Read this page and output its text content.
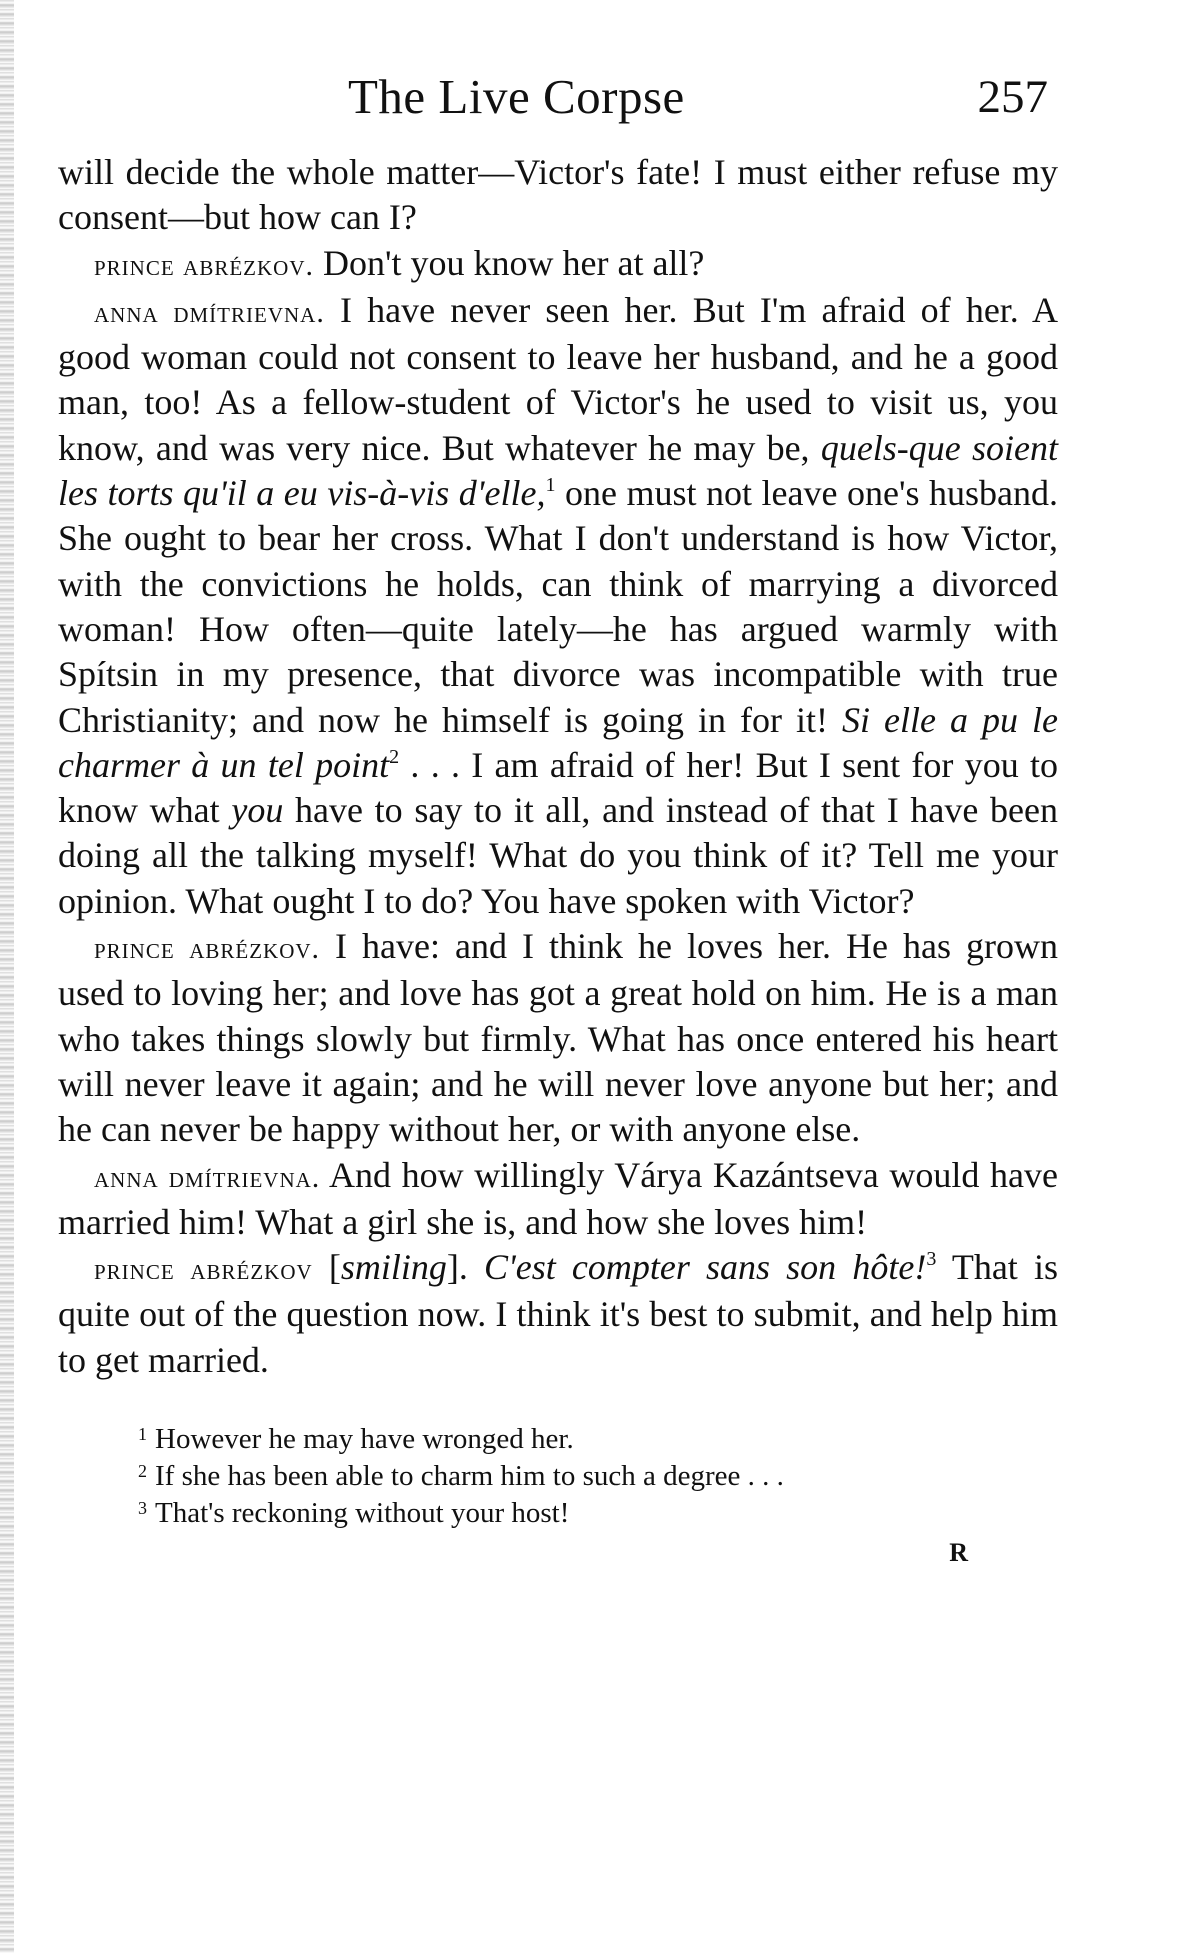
The Live Corpse	257

will decide the whole matter—Victor's fate! I must either refuse my consent—but how can I?

prince abrézkov. Don't you know her at all?

anna dmítrievna. I have never seen her. But I'm afraid of her. A good woman could not consent to leave her husband, and he a good man, too! As a fellow-student of Victor's he used to visit us, you know, and was very nice. But whatever he may be, quels-que soient les torts qu'il a eu vis-à-vis d'elle,$^1$ one must not leave one's husband. She ought to bear her cross. What I don't understand is how Victor, with the convictions he holds, can think of marrying a divorced woman! How often—quite lately—he has argued warmly with Spítsin in my presence, that divorce was incompatible with true Christianity; and now he himself is going in for it! Si elle a pu le charmer à un tel point$^2$ . . . I am afraid of her! But I sent for you to know what you have to say to it all, and instead of that I have been doing all the talking myself! What do you think of it? Tell me your opinion. What ought I to do? You have spoken with Victor?

prince abrézkov. I have: and I think he loves her. He has grown used to loving her; and love has got a great hold on him. He is a man who takes things slowly but firmly. What has once entered his heart will never leave it again; and he will never love anyone but her; and he can never be happy without her, or with anyone else.

anna dmítrievna. And how willingly Várya Kazántseva would have married him! What a girl she is, and how she loves him!

prince abrézkov [smiling]. C'est compter sans son hôte!$^3$ That is quite out of the question now. I think it's best to submit, and help him to get married.

$^1$ However he may have wronged her.

$^2$ If she has been able to charm him to such a degree . . .

$^3$ That's reckoning without your host!

R
